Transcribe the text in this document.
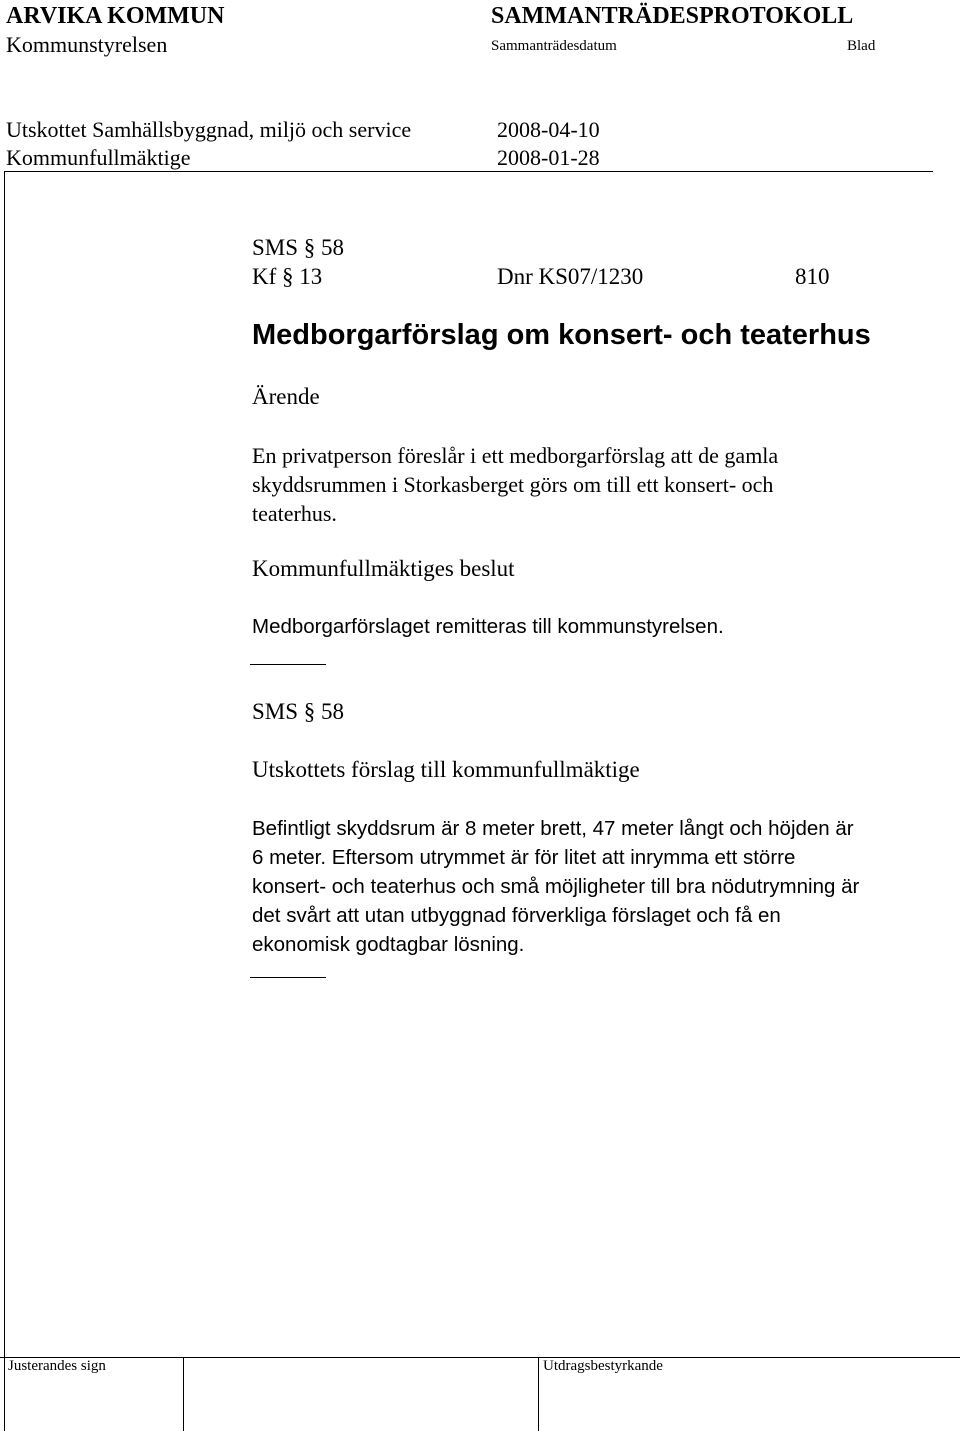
ARVIKA KOMMUN
Kommunstyrelsen
SAMMANTRÄDESPROTOKOLL
Sammanträdesdatum	Blad
Utskottet Samhällsbyggnad, miljö och service	2008-04-10
Kommunfullmäktige	2008-01-28
SMS § 58
Kf § 13	Dnr KS07/1230	810
Medborgarförslag om konsert- och teaterhus
Ärende
En privatperson föreslår i ett medborgarförslag att de gamla
skyddsrummen i Storkasberget görs om till ett konsert- och
teaterhus.
Kommunfullmäktiges beslut
Medborgarförslaget remitteras till kommunstyrelsen.
SMS § 58
Utskottets förslag till kommunfullmäktige
Befintligt skyddsrum är 8 meter brett, 47 meter långt och höjden är
6 meter. Eftersom utrymmet är för litet att inrymma ett större
konsert- och teaterhus och små möjligheter till bra nödutrymning är
det svårt att utan utbyggnad förverkliga förslaget och få en
ekonomisk godtagbar lösning.
Justerandes sign	Utdragsbestyrkande
